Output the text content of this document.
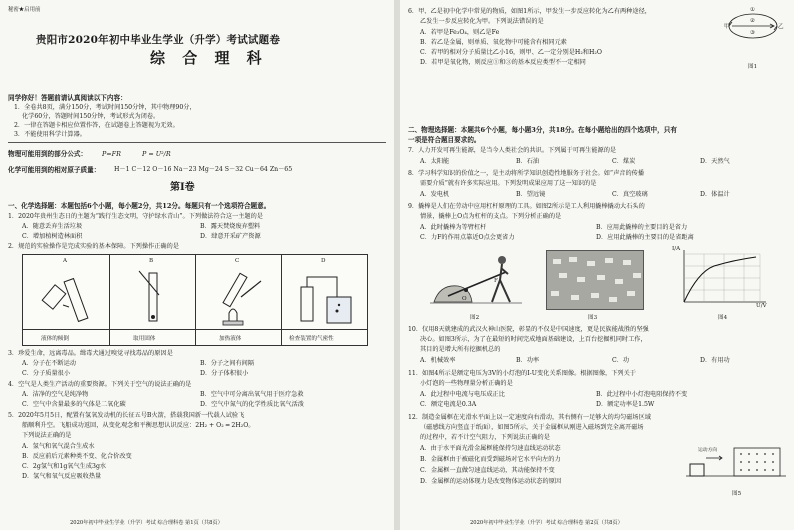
秘密★启用前
贵阳市2020年初中毕业生学业（升学）考试试题卷
综 合 理 科
同学你好！答题前请认真阅读以下内容：
1．全卷共8页，满分150分，考试时间150分钟，其中物理90分，
化学60分，答题时间150分钟，考试形式为闭卷。
2．一律在答题卡相应位置作答，在试题卷上答题视为无效。
3．不能使用科学计算器。
物理可能用到的部分公式： P=FR	P = U²/R
化学可能用到的相对原子质量： H－1 C－12 O－16 Na－23 Mg－24 S－32 Cu－64 Zn－65
第Ⅰ卷
一、化学选择题：本题包括6个小题，每小题2分，共12分。每题只有一个选项符合题意。
1．2020年贵州生态日的主题为“践行生态文明，守护绿水青山”。下列做法符合这一主题的是
A．随意丢弃生活垃圾	B．露天焚烧废弃塑料
C．增加植树造林面积	D．肆意开采矿产资源
2．规范的实验操作是完成实验的基本保障。下列操作正确的是
A	B	C	D
液体的倾倒	取用固体	加热液体	检查装置的气密性
3．珍爱生命，远离毒品。缉毒犬通过嗅觉寻找毒品的原因是
A．分子在不断运动	B．分子之间有间隔
C．分子质量很小	D．分子体积很小
4．空气是人类生产活动的重要资源。下列关于空气的说法正确的是
A．洁净的空气是纯净物	B．空气中可分离出氧气用于医疗急救
C．空气中含量最多的气体是二氧化碳	D．空气中氮气的化学性质比氧气活泼
5．2020年5月5日，配置有氢氧发动机的长征五号B火箭，搭载我国新一代载人试验飞
船顺利升空。飞船成功返回，从变化观念和平衡思想认识反应：2H₂ + O₂ ═ 2H₂O。
下列说法正确的是
A．氢气和氧气混合生成水
B．反应前后元素种类不变、化合价改变
C．2g氢气和1g氧气生成3g水
D．氢气和氧气反应吸收热量
2020年初中毕业生学业（升学）考试 综合理科卷 第1页（共8页）
6．甲、乙是初中化学中常见的物质，如图1所示，甲发生一步反应转化为乙有两种途径，
乙发生一步反应转化为甲。下列说法错误的是
A．若甲是Fe₃O₄，则乙是Fe
B．若乙是金属，则单质、氧化物中可能含有相同元素
C．若甲的相对分子质量比乙小16，则甲、乙一定分别是H₂和H₂O
D．若甲是氧化物，则反应①和③的基本反应类型不一定相同
甲	乙
①
②
③
图1
二、物理选择题：本题共6个小题，每小题3分，共18分。在每小题给出的四个选项中，只有
一项是符合题目要求的。
7．人力开发可再生能源，是当今人类社会的共识。下列属于可再生能源的是
A．太阳能	B．石油	C．煤炭	D．天然气
8．学习科学知识的价值之一，是主动将所学知识创造性地服务于社会。如“声音的传播
需要介质”就有许多实际应用。下列发明成果应用了这一知识的是
A．发电机	B．望远镜	C．真空玻璃	D．体温计
9．撬棒是人们在劳动中应用杠杆原理的工具。如图2所示是工人利用撬棒撬动大石头的
情景，撬棒上O点为杠杆的支点。下列分析正确的是
A．此时撬棒为等臂杠杆	B．应用此撬棒的主要目的是省力
C．力F的作用点靠近O点会更省力	D．应用此撬棒的主要目的是省距离
F
O
图2	图3
I/A
U/V
图4
10．仅用8天就建成的武汉火神山医院，彰显的不仅是中国速度，更是民族能战胜的坚强
决心。如图3所示，为了在最短的时间完成地面基础建设，上百台挖掘机同时工作，
其目的是增大所有挖掘机总的
A．机械效率	B．功率	C．功	D．有用功
11．如图4所示是额定电压为3V的小灯泡的I-U变化关系图像。根据图像，下列关于
小灯泡的一些物理量分析正确的是
A．此过程中电流与电压成正比	B．此过程中小灯泡电阻保持不变
C．额定电流是0.3A	D．额定功率是1.5W
12．制造金属框在光滑水平面上以一定速度向右滑动，其右侧有一足够大的均匀磁场区域
（磁感线方向竖直于纸面），如图5所示，关于金属框从刚进入磁场到完全离开磁场
的过程中，若不计空气阻力，下列说法正确的是
A．由于水平面光滑金属框能保持匀速直线运动状态
B．金属框由于被磁化而受到磁场对它水平向左的力
C．金属框一直做匀速直线运动，其动能保持不变
D．金属框的运动体现力是改变物体运动状态的原因
运动方向
图5
2020年初中毕业生学业（升学）考试 综合理科卷 第2页（共8页）
